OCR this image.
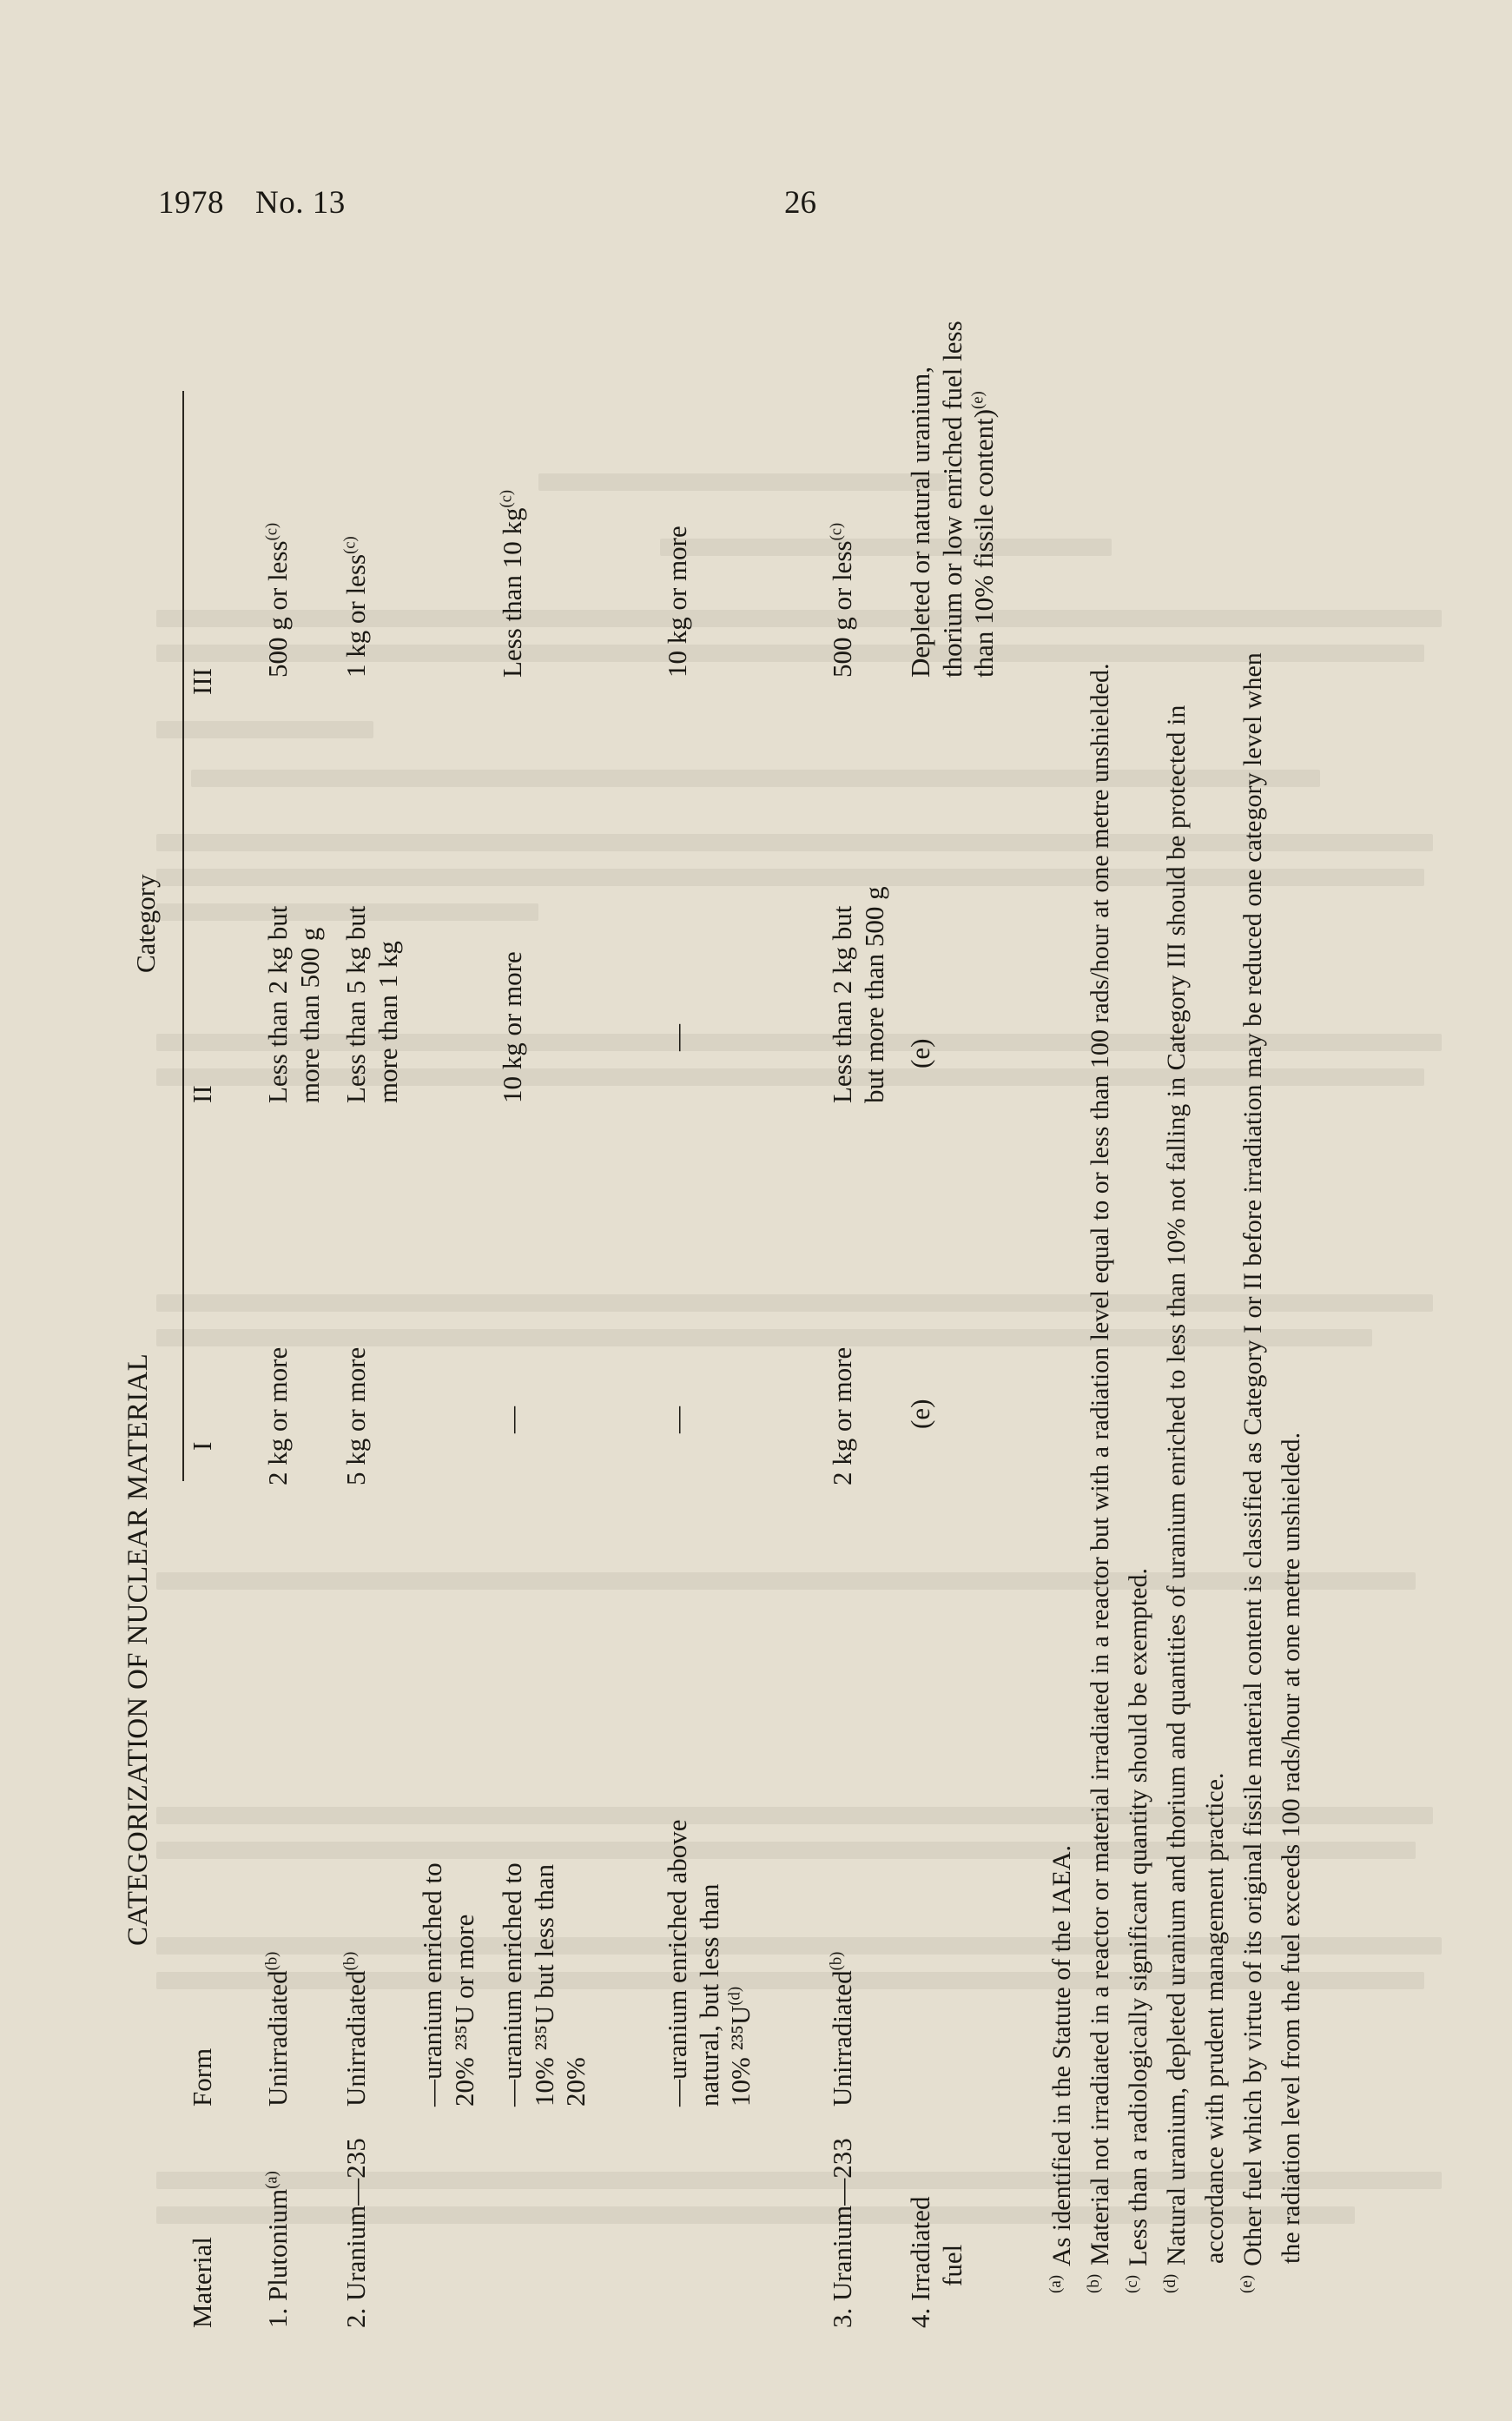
1978 No. 13	26
CATEGORIZATION OF NUCLEAR MATERIAL
Material
Form
Category
I
II
III
1. Plutonium$^{(a)}$
Unirradiated$^{(b)}$
2 kg or more
Less than 2 kg but more than 500 g
500 g or less$^{(c)}$
2. Uranium—235
Unirradiated$^{(b)}$	—uranium enriched to 20% ²³⁵U or more
5 kg or more
Less than 5 kg but more than 1 kg
1 kg or less$^{(c)}$
—uranium enriched to 10% ²³⁵U but less than 20%
—
10 kg or more
Less than 10 $kg^{(c)}$
—uranium enriched above natural, but less than 10% $^{235}U^{(d)}$
—
—
10 kg or more
3. Uranium—233
Unirradiated$^{(b)}$
2 kg or more
Less than 2 kg but but more than 500 g
500 g or less$^{(c)}$
4. Irradiated fuel
(e)
(e)
Depleted or natural uranium, thorium or low enriched fuel less than 10% fissile content)$^{(e)}$
$^{(a)}$As identified in the Statute of the IAEA.
$^{(b)}$Material not irradiated in a reactor or material irradiated in a reactor but with a radiation level equal to or less than 100 rads/hour at one metre unshielded.
$^{(c)}$Less than a radiologically significant quantity should be exempted.
$^{(d)}$Natural uranium, depleted uranium and thorium and quantities of uranium enriched to less than 10% not falling in Category III should be protected in accordance with prudent management practice.
$^{(e)}$Other fuel which by virtue of its original fissile material content is classified as Category I or II before irradiation may be reduced one category level when the radiation level from the fuel exceeds 100 rads/hour at one metre unshielded.
